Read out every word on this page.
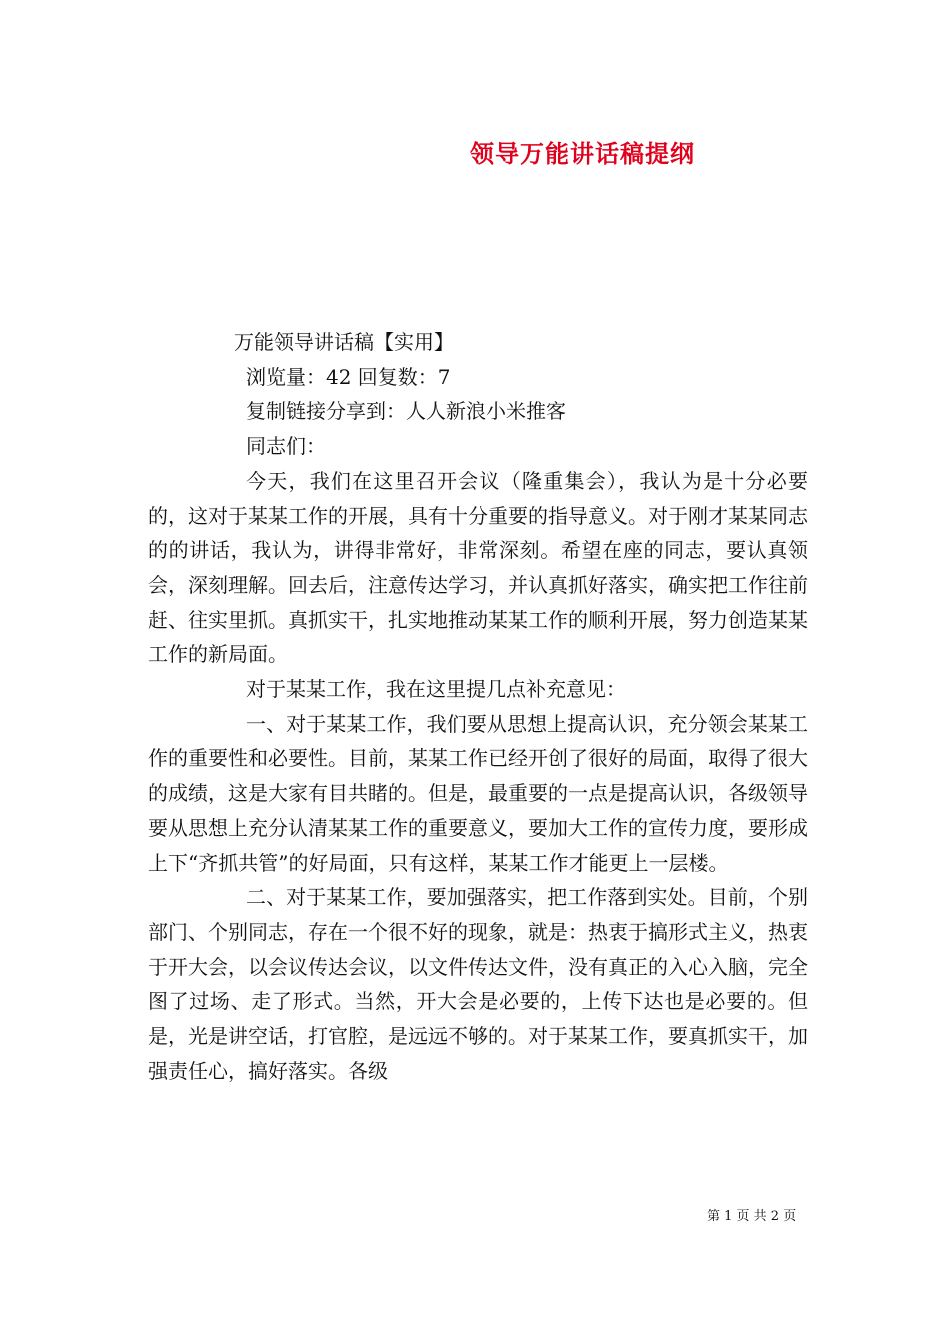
领导万能讲话稿提纲
万能领导讲话稿【实用】
浏览量：42 回复数：7
复制链接分享到：人人新浪小米推客
同志们：

今天，我们在这里召开会议（隆重集会），我认为是十分必要的，这对于某某工作的开展，具有十分重要的指导意义。对于刚才某某同志的的讲话，我认为，讲得非常好，非常深刻。希望在座的同志，要认真领会，深刻理解。回去后，注意传达学习，并认真抓好落实，确实把工作往前赶、往实里抓。真抓实干，扎实地推动某某工作的顺利开展，努力创造某某工作的新局面。

对于某某工作，我在这里提几点补充意见：

一、对于某某工作，我们要从思想上提高认识，充分领会某某工作的重要性和必要性。目前，某某工作已经开创了很好的局面，取得了很大的成绩，这是大家有目共睹的。但是，最重要的一点是提高认识，各级领导要从思想上充分认清某某工作的重要意义，要加大工作的宣传力度，要形成上下“齐抓共管”的好局面，只有这样，某某工作才能更上一层楼。

二、对于某某工作，要加强落实，把工作落到实处。目前，个别部门、个别同志，存在一个很不好的现象，就是：热衷于搞形式主义，热衷于开大会，以会议传达会议，以文件传达文件，没有真正的入心入脑，完全图了过场、走了形式。当然，开大会是必要的，上传下达也是必要的。但是，光是讲空话，打官腔，是远远不够的。对于某某工作，要真抓实干，加强责任心，搞好落实。各级

第 1 页 共 2 页
